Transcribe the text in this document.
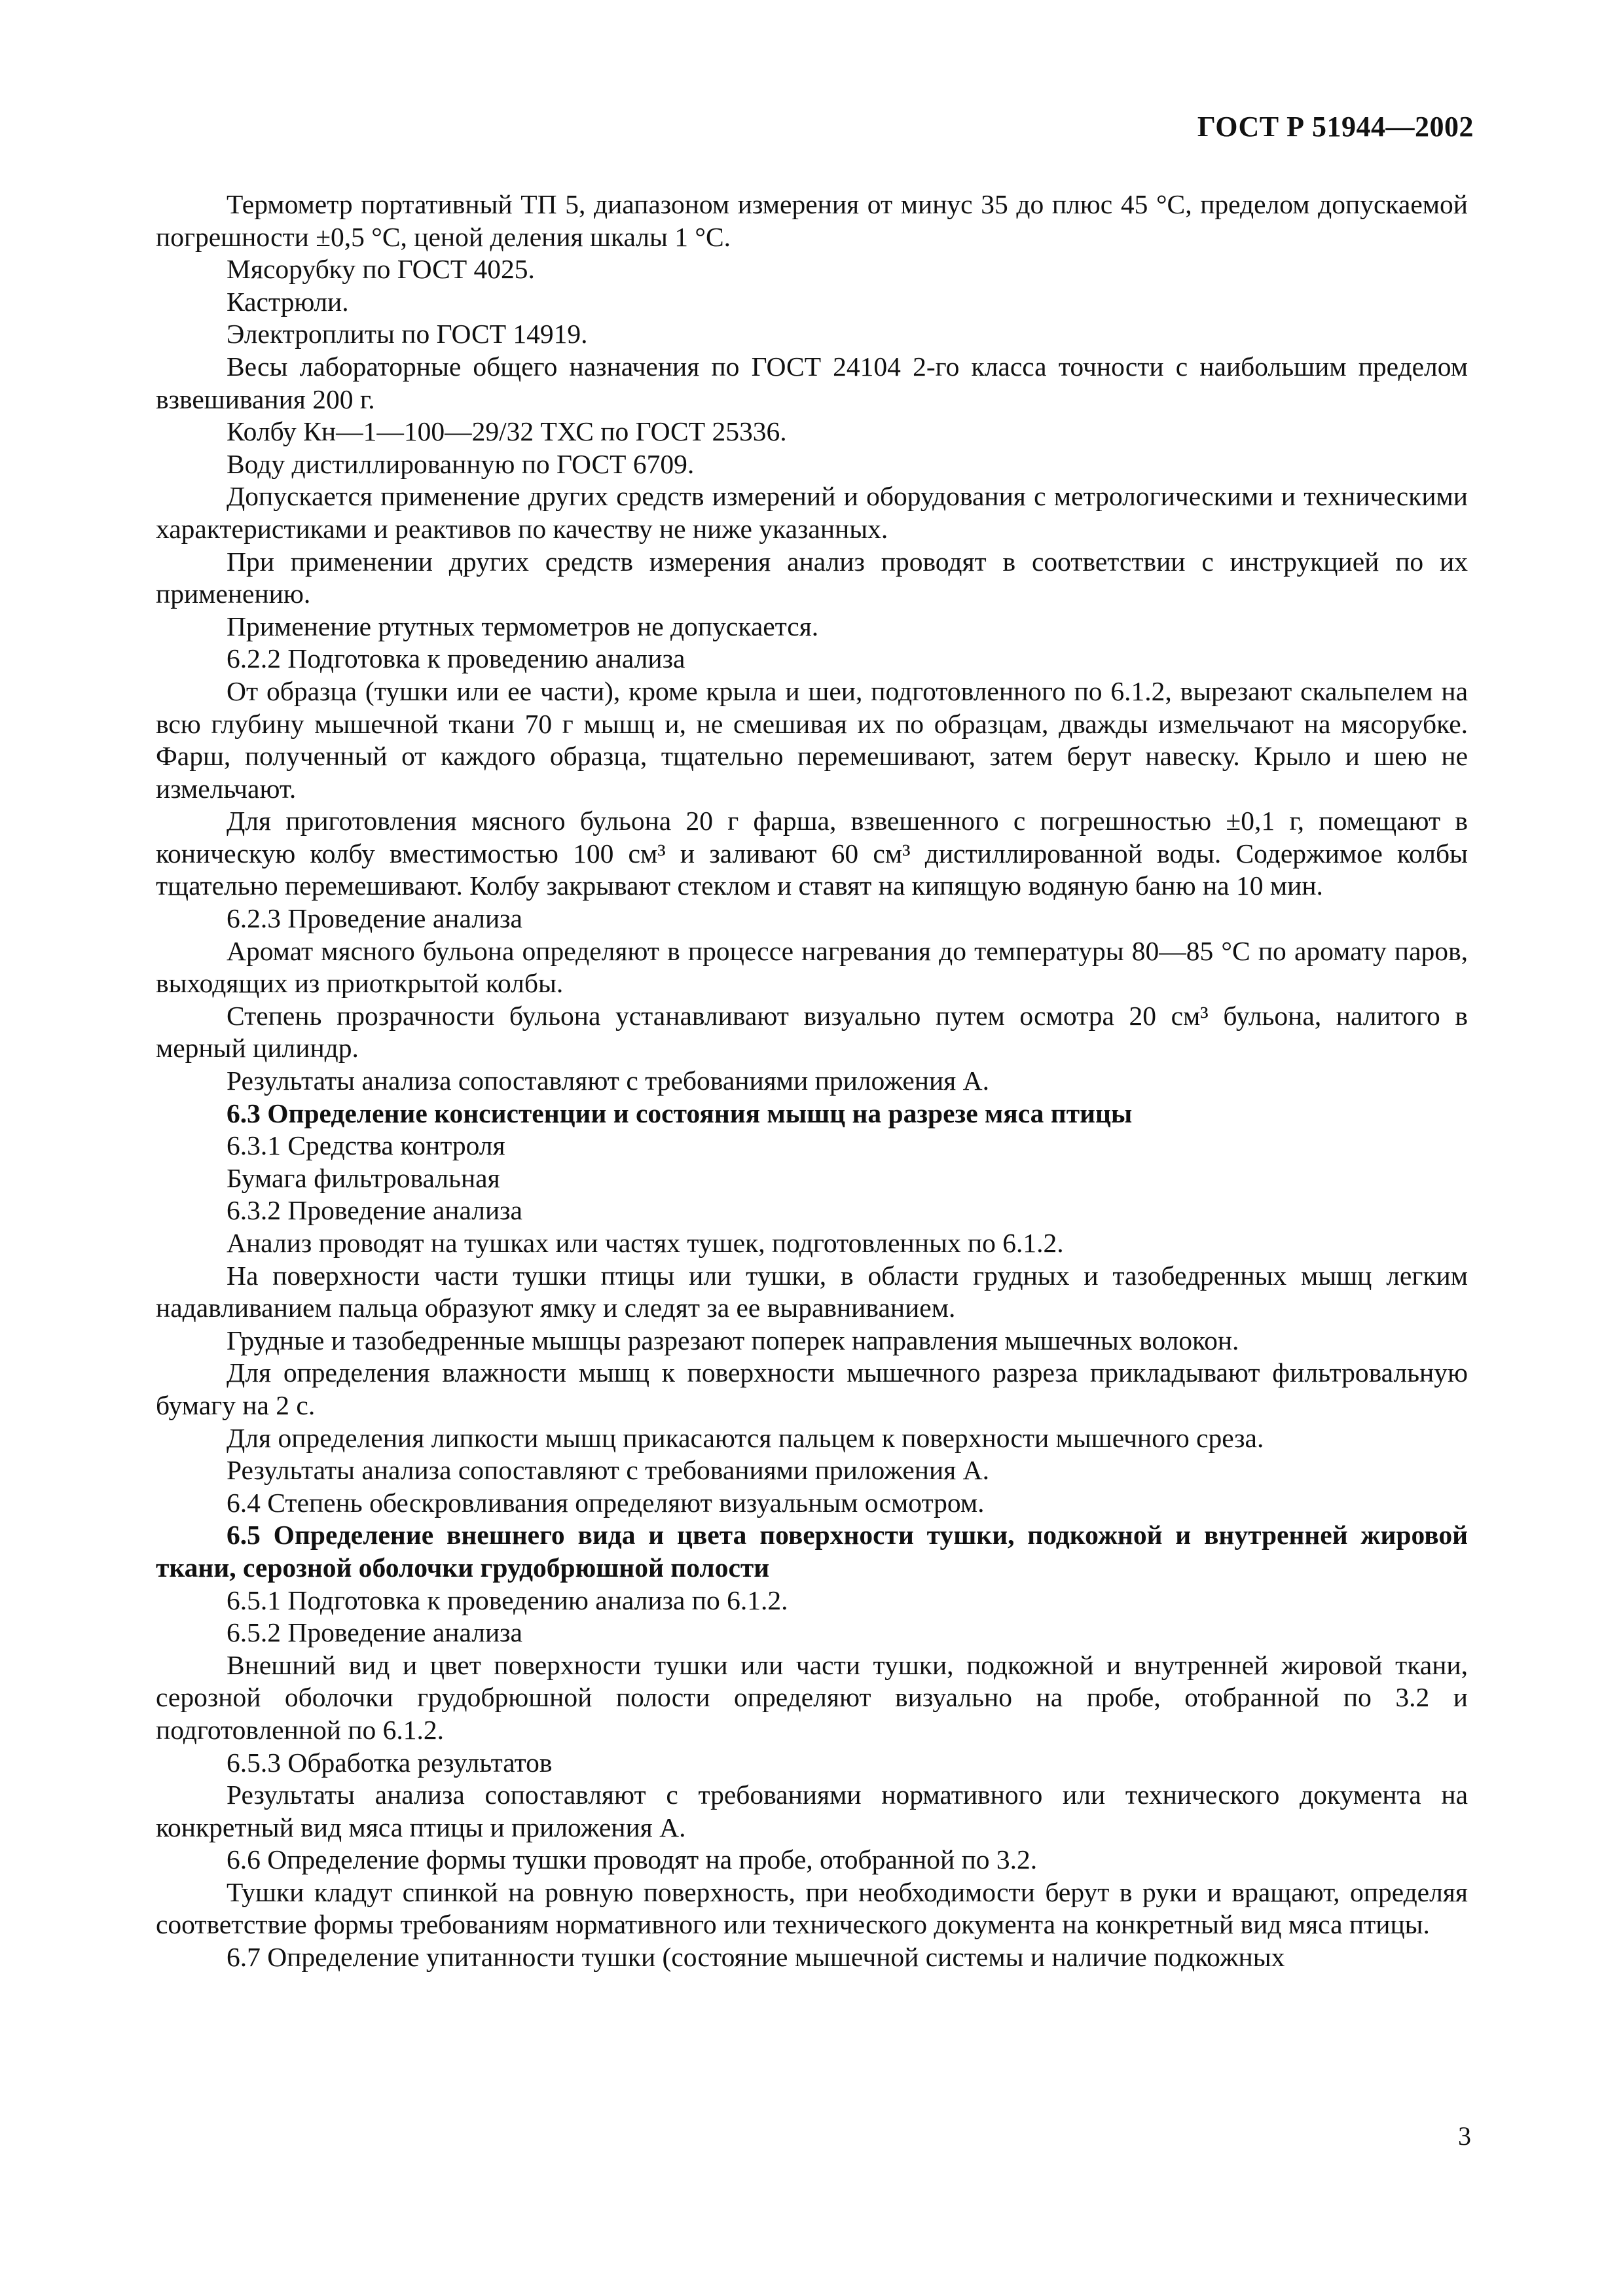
ГОСТ Р 51944—2002

Термометр портативный ТП 5, диапазоном измерения от минус 35 до плюс 45 °С, пределом допускаемой погрешности ±0,5 °С, ценой деления шкалы 1 °С.

Мясорубку по ГОСТ 4025.

Кастрюли.

Электроплиты по ГОСТ 14919.

Весы лабораторные общего назначения по ГОСТ 24104 2-го класса точности с наибольшим пределом взвешивания 200 г.

Колбу Кн—1—100—29/32 ТХС по ГОСТ 25336.

Воду дистиллированную по ГОСТ 6709.

Допускается применение других средств измерений и оборудования с метрологическими и техническими характеристиками и реактивов по качеству не ниже указанных.

При применении других средств измерения анализ проводят в соответствии с инструкцией по их применению.

Применение ртутных термометров не допускается.

6.2.2 Подготовка к проведению анализа

От образца (тушки или ее части), кроме крыла и шеи, подготовленного по 6.1.2, вырезают скальпелем на всю глубину мышечной ткани 70 г мышц и, не смешивая их по образцам, дважды измельчают на мясорубке. Фарш, полученный от каждого образца, тщательно перемешивают, затем берут навеску. Крыло и шею не измельчают.

Для приготовления мясного бульона 20 г фарша, взвешенного с погрешностью ±0,1 г, помещают в коническую колбу вместимостью 100 см³ и заливают 60 см³ дистиллированной воды. Содержимое колбы тщательно перемешивают. Колбу закрывают стеклом и ставят на кипящую водяную баню на 10 мин.

6.2.3 Проведение анализа

Аромат мясного бульона определяют в процессе нагревания до температуры 80—85 °С по аромату паров, выходящих из приоткрытой колбы.

Степень прозрачности бульона устанавливают визуально путем осмотра 20 см³ бульона, налитого в мерный цилиндр.

Результаты анализа сопоставляют с требованиями приложения А.

6.3 Определение консистенции и состояния мышц на разрезе мяса птицы

6.3.1 Средства контроля

Бумага фильтровальная

6.3.2 Проведение анализа

Анализ проводят на тушках или частях тушек, подготовленных по 6.1.2.

На поверхности части тушки птицы или тушки, в области грудных и тазобедренных мышц легким надавливанием пальца образуют ямку и следят за ее выравниванием.

Грудные и тазобедренные мышцы разрезают поперек направления мышечных волокон.

Для определения влажности мышц к поверхности мышечного разреза прикладывают фильтровальную бумагу на 2 с.

Для определения липкости мышц прикасаются пальцем к поверхности мышечного среза.

Результаты анализа сопоставляют с требованиями приложения А.

6.4 Степень обескровливания определяют визуальным осмотром.

6.5 Определение внешнего вида и цвета поверхности тушки, подкожной и внутренней жировой ткани, серозной оболочки грудобрюшной полости

6.5.1 Подготовка к проведению анализа по 6.1.2.

6.5.2 Проведение анализа

Внешний вид и цвет поверхности тушки или части тушки, подкожной и внутренней жировой ткани, серозной оболочки грудобрюшной полости определяют визуально на пробе, отобранной по 3.2 и подготовленной по 6.1.2.

6.5.3 Обработка результатов

Результаты анализа сопоставляют с требованиями нормативного или технического документа на конкретный вид мяса птицы и приложения А.

6.6 Определение формы тушки проводят на пробе, отобранной по 3.2.

Тушки кладут спинкой на ровную поверхность, при необходимости берут в руки и вращают, определяя соответствие формы требованиям нормативного или технического документа на конкретный вид мяса птицы.

6.7 Определение упитанности тушки (состояние мышечной системы и наличие подкожных

3
